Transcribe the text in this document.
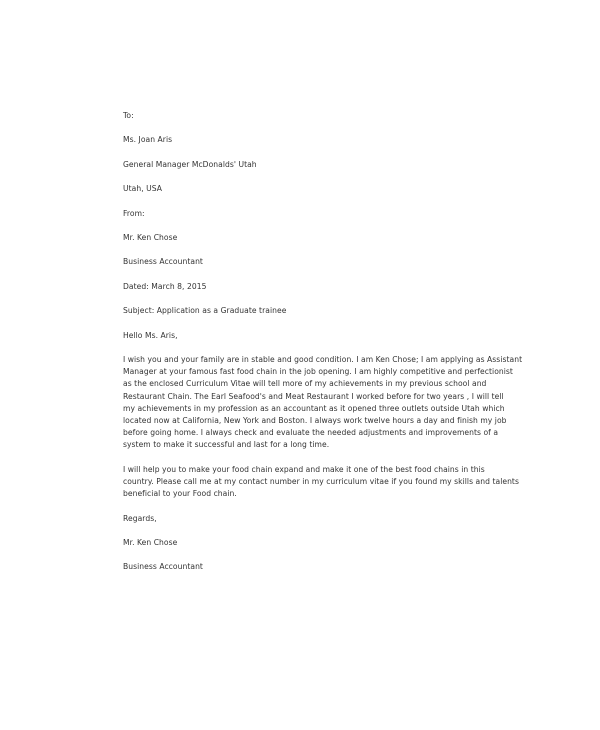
To:
Ms. Joan Aris
General Manager McDonalds' Utah
Utah, USA
From:
Mr. Ken Chose
Business Accountant
Dated: March 8, 2015
Subject: Application as a Graduate trainee
Hello Ms. Aris,
I wish you and your family are in stable and good condition. I am Ken Chose; I am applying as Assistant
Manager at your famous fast food chain in the job opening. I am highly competitive and perfectionist
as the enclosed Curriculum Vitae will tell more of my achievements in my previous school and
Restaurant Chain. The Earl Seafood's and Meat Restaurant I worked before for two years , I will tell
my achievements in my profession as an accountant as it opened three outlets outside Utah which
located now at California, New York and Boston. I always work twelve hours a day and finish my job
before going home. I always check and evaluate the needed adjustments and improvements of a
system to make it successful and last for a long time.
I will help you to make your food chain expand and make it one of the best food chains in this
country. Please call me at my contact number in my curriculum vitae if you found my skills and talents
beneficial to your Food chain.
Regards,
Mr. Ken Chose
Business Accountant
